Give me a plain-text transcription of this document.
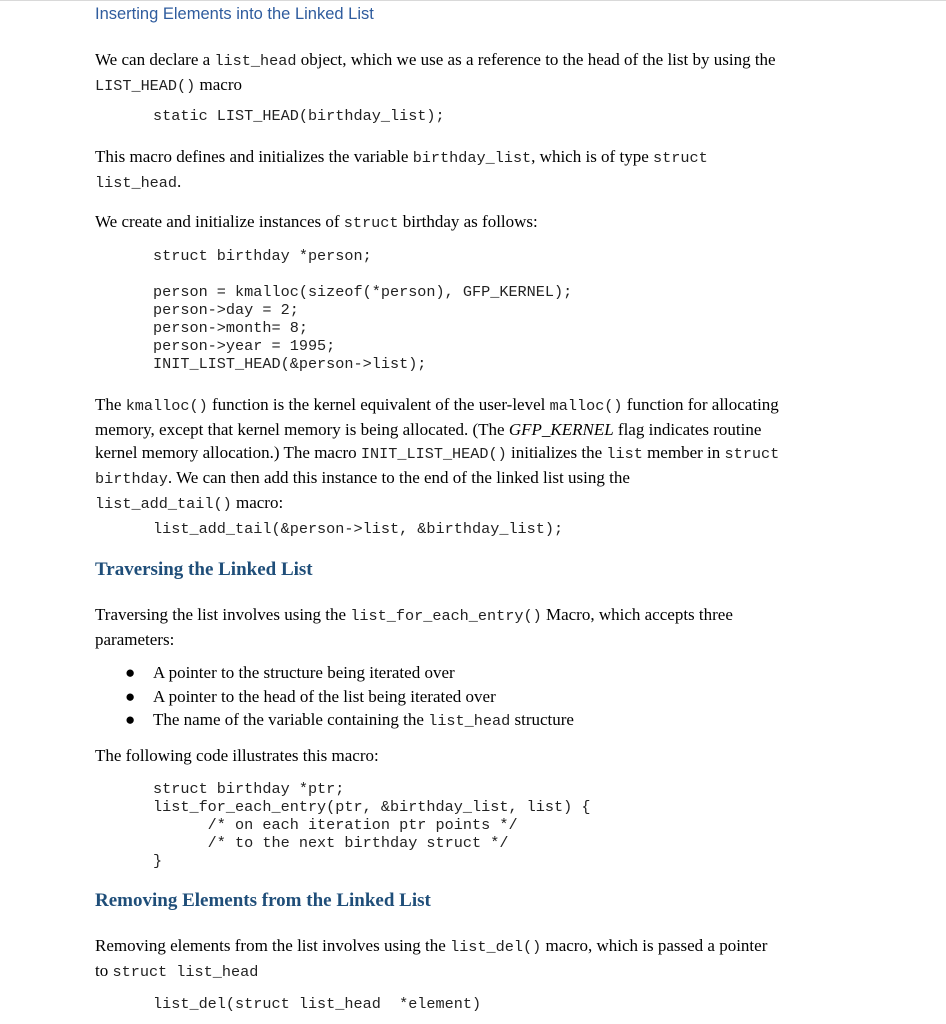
Inserting Elements into the Linked List
We can declare a list_head object, which we use as a reference to the head of the list by using the
LIST_HEAD() macro
static LIST_HEAD(birthday_list);
This macro defines and initializes the variable birthday_list, which is of type struct
list_head.
We create and initialize instances of struct birthday as follows:
struct birthday *person;
person = kmalloc(sizeof(*person), GFP_KERNEL);
person->day = 2;
person->month= 8;
person->year = 1995;
INIT_LIST_HEAD(&person->list);
The kmalloc() function is the kernel equivalent of the user-level malloc() function for allocating
memory, except that kernel memory is being allocated. (The GFP_KERNEL flag indicates routine
kernel memory allocation.) The macro INIT_LIST_HEAD() initializes the list member in struct
birthday. We can then add this instance to the end of the linked list using the
list_add_tail() macro:
list_add_tail(&person->list, &birthday_list);
Traversing the Linked List
Traversing the list involves using the list_for_each_entry() Macro, which accepts three
parameters:
● A pointer to the structure being iterated over
● A pointer to the head of the list being iterated over
● The name of the variable containing the list_head structure
The following code illustrates this macro:
struct birthday *ptr;
list_for_each_entry(ptr, &birthday_list, list) {
/* on each iteration ptr points */
/* to the next birthday struct */
}
Removing Elements from the Linked List
Removing elements from the list involves using the list_del() macro, which is passed a pointer
to struct list_head
list_del(struct list_head  *element)
